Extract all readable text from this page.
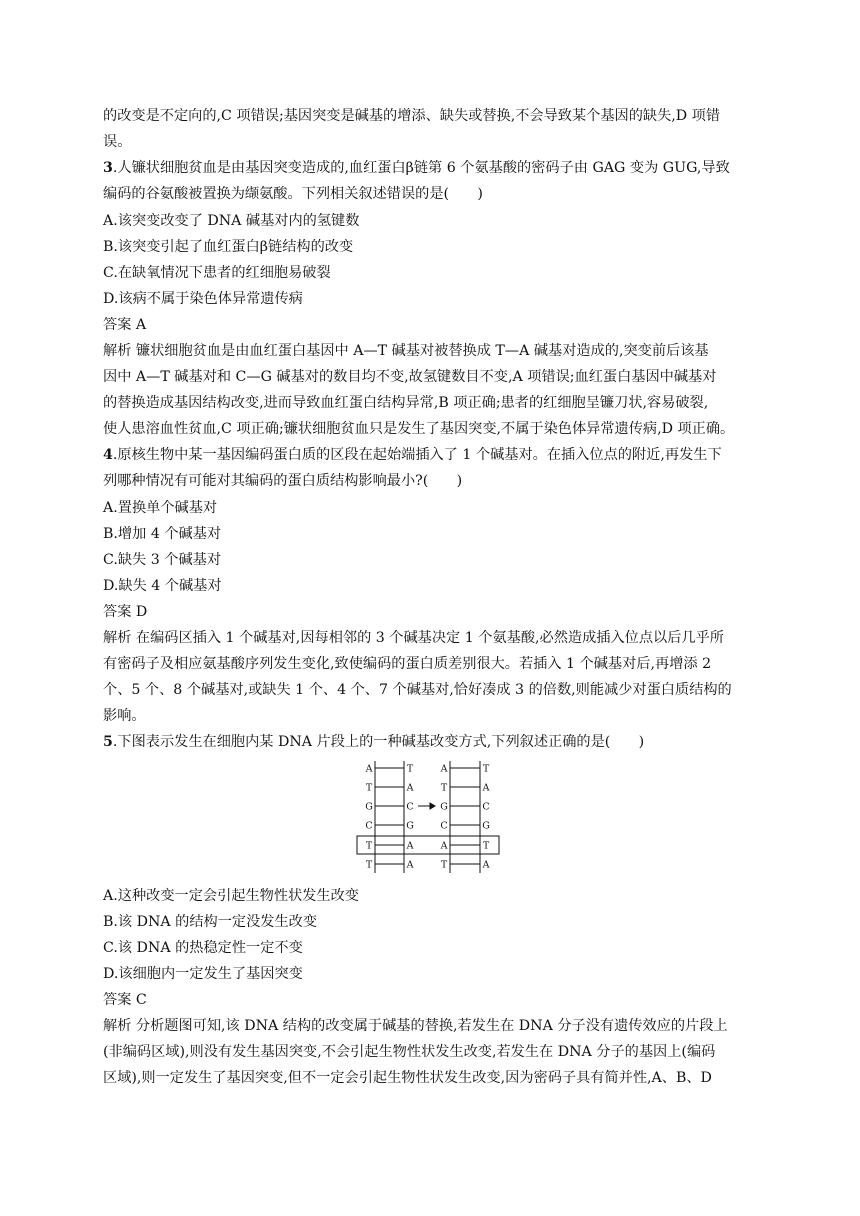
的改变是不定向的,C 项错误;基因突变是碱基的增添、缺失或替换,不会导致某个基因的缺失,D 项错
误。
3.人镰状细胞贫血是由基因突变造成的,血红蛋白β链第 6 个氨基酸的密码子由 GAG 变为 GUG,导致
编码的谷氨酸被置换为缬氨酸。下列相关叙述错误的是(　　)
A.该突变改变了 DNA 碱基对内的氢键数
B.该突变引起了血红蛋白β链结构的改变
C.在缺氧情况下患者的红细胞易破裂
D.该病不属于染色体异常遗传病
答案 A
解析 镰状细胞贫血是由血红蛋白基因中 A—T 碱基对被替换成 T—A 碱基对造成的,突变前后该基
因中 A—T 碱基对和 C—G 碱基对的数目均不变,故氢键数目不变,A 项错误;血红蛋白基因中碱基对
的替换造成基因结构改变,进而导致血红蛋白结构异常,B 项正确;患者的红细胞呈镰刀状,容易破裂,
使人患溶血性贫血,C 项正确;镰状细胞贫血只是发生了基因突变,不属于染色体异常遗传病,D 项正确。
4.原核生物中某一基因编码蛋白质的区段在起始端插入了 1 个碱基对。在插入位点的附近,再发生下
列哪种情况有可能对其编码的蛋白质结构影响最小?(　　)
A.置换单个碱基对
B.增加 4 个碱基对
C.缺失 3 个碱基对
D.缺失 4 个碱基对
答案 D
解析 在编码区插入 1 个碱基对,因每相邻的 3 个碱基决定 1 个氨基酸,必然造成插入位点以后几乎所
有密码子及相应氨基酸序列发生变化,致使编码的蛋白质差别很大。若插入 1 个碱基对后,再增添 2
个、5 个、8 个碱基对,或缺失 1 个、4 个、7 个碱基对,恰好凑成 3 的倍数,则能减少对蛋白质结构的
影响。
5.下图表示发生在细胞内某 DNA 片段上的一种碱基改变方式,下列叙述正确的是(　　)
A	T
T	A
G	C
C	G
T	A
T	A
A	T
T	A
G	C
C	G
A	T
T	A
A.这种改变一定会引起生物性状发生改变
B.该 DNA 的结构一定没发生改变
C.该 DNA 的热稳定性一定不变
D.该细胞内一定发生了基因突变
答案 C
解析 分析题图可知,该 DNA 结构的改变属于碱基的替换,若发生在 DNA 分子没有遗传效应的片段上
(非编码区域),则没有发生基因突变,不会引起生物性状发生改变,若发生在 DNA 分子的基因上(编码
区域),则一定发生了基因突变,但不一定会引起生物性状发生改变,因为密码子具有简并性,A、B、D
